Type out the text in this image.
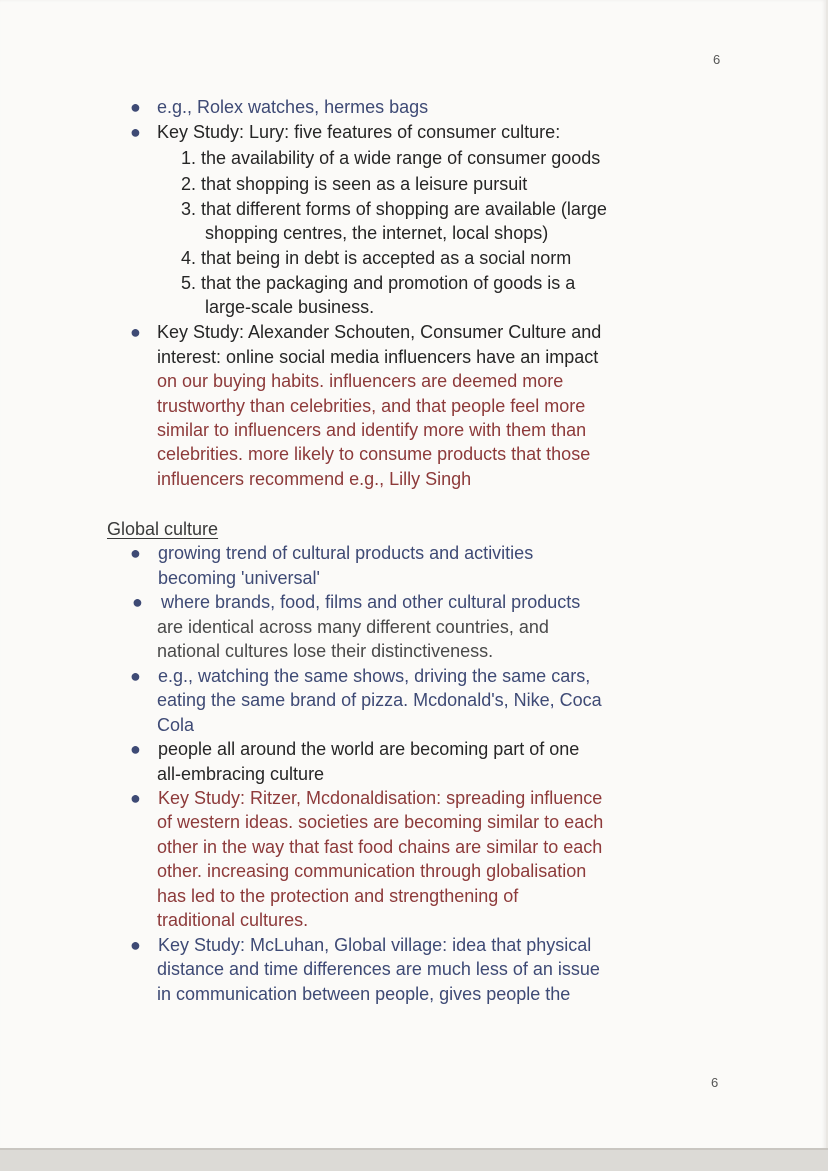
6
● e.g., Rolex watches, hermes bags
● Key Study: Lury: five features of consumer culture:
1. the availability of a wide range of consumer goods
2. that shopping is seen as a leisure pursuit
3. that different forms of shopping are available (large
shopping centres, the internet, local shops)
4. that being in debt is accepted as a social norm
5. that the packaging and promotion of goods is a
large-scale business.
● Key Study: Alexander Schouten, Consumer Culture and
interest: online social media influencers have an impact
on our buying habits. influencers are deemed more
trustworthy than celebrities, and that people feel more
similar to influencers and identify more with them than
celebrities. more likely to consume products that those
influencers recommend e.g., Lilly Singh
Global culture
● growing trend of cultural products and activities
becoming 'universal'
● where brands, food, films and other cultural products
are identical across many different countries, and
national cultures lose their distinctiveness.
● e.g., watching the same shows, driving the same cars,
eating the same brand of pizza. Mcdonald's, Nike, Coca
Cola
● people all around the world are becoming part of one
all-embracing culture
● Key Study: Ritzer, Mcdonaldisation: spreading influence
of western ideas. societies are becoming similar to each
other in the way that fast food chains are similar to each
other. increasing communication through globalisation
has led to the protection and strengthening of
traditional cultures.
● Key Study: McLuhan, Global village: idea that physical
distance and time differences are much less of an issue
in communication between people, gives people the
6
